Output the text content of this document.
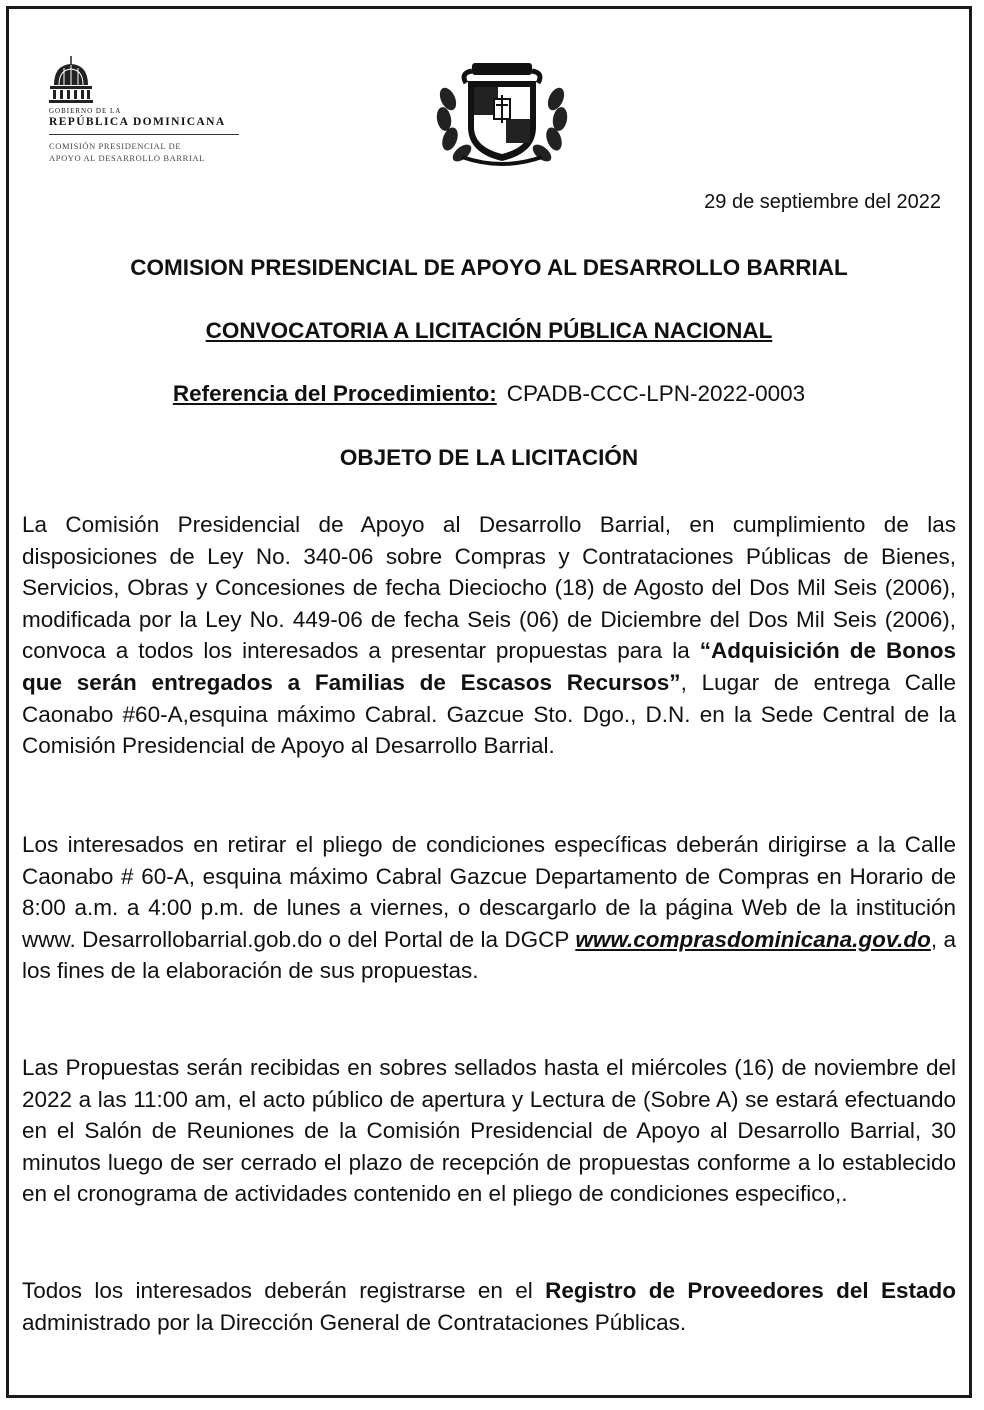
GOBIERNO DE LA
REPÚBLICA DOMINICANA
COMISIÓN PRESIDENCIAL DE
APOYO AL DESARROLLO BARRIAL
29 de septiembre del 2022
COMISION PRESIDENCIAL DE APOYO AL DESARROLLO BARRIAL
CONVOCATORIA A LICITACIÓN PÚBLICA NACIONAL
Referencia del Procedimiento: CPADB-CCC-LPN-2022-0003
OBJETO DE LA LICITACIÓN

La Comisión Presidencial de Apoyo al Desarrollo Barrial, en cumplimiento de las disposiciones de Ley No. 340-06 sobre Compras y Contrataciones Públicas de Bienes, Servicios, Obras y Concesiones de fecha Dieciocho (18) de Agosto del Dos Mil Seis (2006), modificada por la Ley No. 449-06 de fecha Seis (06) de Diciembre del Dos Mil Seis (2006), convoca a todos los interesados a presentar propuestas para la “Adquisición de Bonos que serán entregados a Familias de Escasos Recursos”, Lugar de entrega Calle Caonabo #60-A,esquina máximo Cabral. Gazcue Sto. Dgo., D.N. en la Sede Central de la Comisión Presidencial de Apoyo al Desarrollo Barrial.

Los interesados en retirar el pliego de condiciones específicas deberán dirigirse a la Calle Caonabo # 60-A, esquina máximo Cabral Gazcue Departamento de Compras en Horario de 8:00 a.m. a 4:00 p.m. de lunes a viernes, o descargarlo de la página Web de la institución www. Desarrollobarrial.gob.do o del Portal de la DGCP www.comprasdominicana.gov.do, a los fines de la elaboración de sus propuestas.

Las Propuestas serán recibidas en sobres sellados hasta el miércoles (16) de noviembre del 2022 a las 11:00 am, el acto público de apertura y Lectura de (Sobre A) se estará efectuando en el Salón de Reuniones de la Comisión Presidencial de Apoyo al Desarrollo Barrial, 30 minutos luego de ser cerrado el plazo de recepción de propuestas conforme a lo establecido en el cronograma de actividades contenido en el pliego de condiciones especifico,.

Todos los interesados deberán registrarse en el Registro de Proveedores del Estado administrado por la Dirección General de Contrataciones Públicas.
